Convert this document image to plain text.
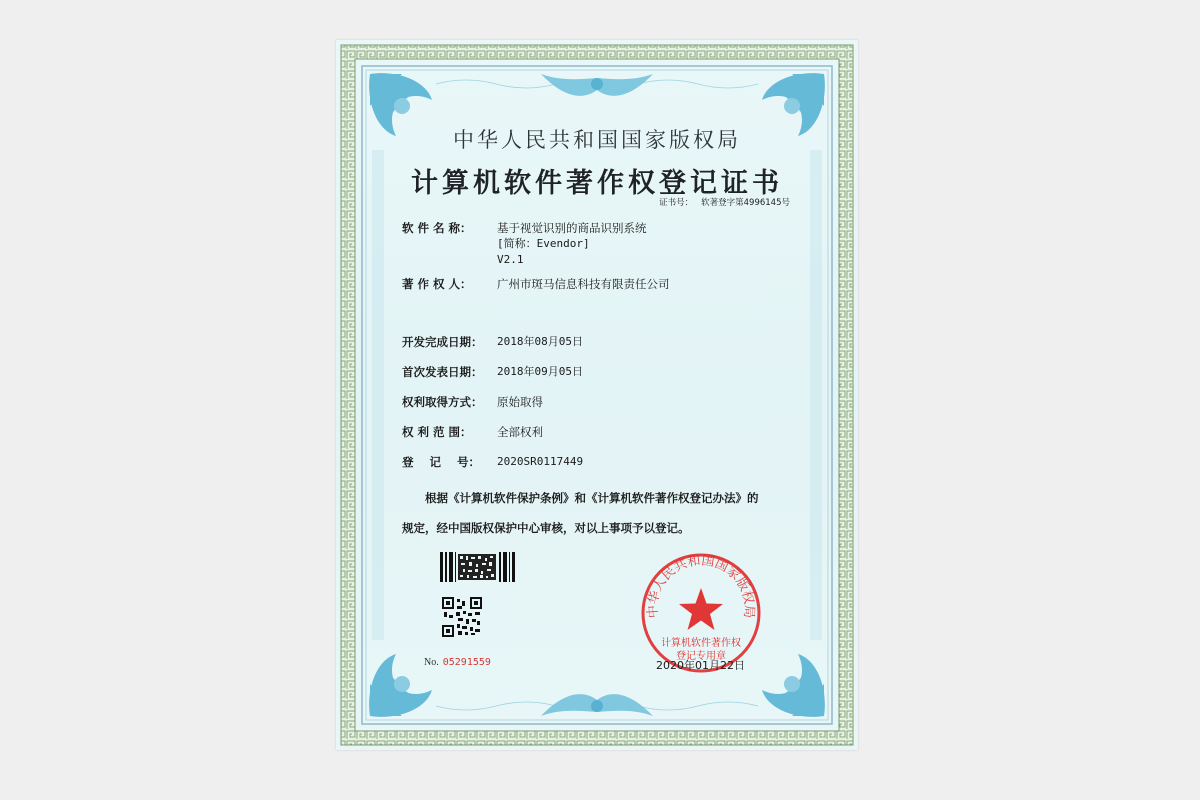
中华人民共和国国家版权局
计算机软件著作权登记证书
证书号： 软著登字第4996145号
软 件 名 称：	基于视觉识别的商品识别系统
[简称：Evendor]
V2.1
著 作 权 人：	广州市斑马信息科技有限责任公司
开发完成日期：	2018年08月05日
首次发表日期：	2018年09月05日
权利取得方式：	原始取得
权 利 范 围：	全部权利
登    记    号：	2020SR0117449
根据《计算机软件保护条例》和《计算机软件著作权登记办法》的
规定，经中国版权保护中心审核，对以上事项予以登记。
No. 05291559
中华人民共和国国家版权局
计算机软件著作权
登记专用章
2020年01月22日
